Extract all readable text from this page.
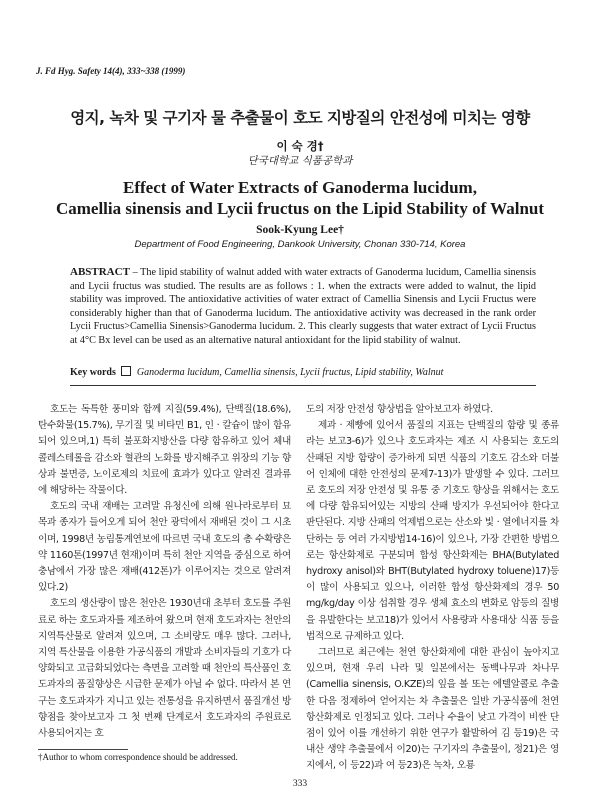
J. Fd Hyg. Safety 14(4), 333~338 (1999)
영지, 녹차 및 구기자 물 추출물이 호도 지방질의 안전성에 미치는 영향
이 숙 경†
단국대학교 식품공학과
Effect of Water Extracts of Ganoderma lucidum,
Camellia sinensis and Lycii fructus on the Lipid Stability of Walnut
Sook-Kyung Lee†
Department of Food Engineering, Dankook University, Chonan 330-714, Korea
ABSTRACT – The lipid stability of walnut added with water extracts of Ganoderma lucidum, Camellia sinensis and Lycii fructus was studied. The results are as follows : 1. when the extracts were added to walnut, the lipid stability was improved. The antioxidative activities of water extract of Camellia Sinensis and Lycii Fructus were considerably higher than that of Ganoderma lucidum. The antioxidative activity was decreased in the rank order Lycii Fructus>Camellia Sinensis>Ganoderma lucidum. 2. This clearly suggests that water extract of Lycii Fructus at 4°C Bx level can be used as an alternative natural antioxidant for the lipid stability of walnut.
Key words Ganoderma lucidum, Camellia sinensis, Lycii fructus, Lipid stability, Walnut

호도는 독특한 풍미와 함께 지질(59.4%), 단백질(18.6%), 탄수화물(15.7%), 무기질 및 비타민 B1, 인 · 칼슘이 많이 함유되어 있으며,1) 특히 불포화지방산을 다량 함유하고 있어 체내 콜레스테롤을 감소와 혈관의 노화를 방지해주고 위장의 기능 향상과 불면증, 노이로제의 치료에 효과가 있다고 알려진 결과류에 해당하는 작물이다.

호도의 국내 재배는 고려말 유청신에 의해 원나라로부터 묘목과 종자가 들어오게 되어 천안 광덕에서 재배된 것이 그 시초이며, 1998년 농림통계연보에 따르면 국내 호도의 총 수확량은 약 1160톤(1997년 현재)이며 특히 천안 지역을 중심으로 하여 충남에서 가장 많은 재배(412톤)가 이루어지는 것으로 알려져 있다.2)

호도의 생산량이 많은 천안은 1930년대 초부터 호도를 주원료로 하는 호도과자를 제조하여 왔으며 현재 호도과자는 천안의 지역특산물로 알려져 있으며, 그 소비량도 매우 많다. 그러나, 지역 특산물을 이용한 가공식품의 개발과 소비자들의 기호가 다양화되고 고급화되었다는 측면을 고려할 때 천안의 특산품인 호도과자의 품질향상은 시급한 문제가 아닐 수 없다. 따라서 본 연구는 호도과자가 지니고 있는 전통성을 유지하면서 품질개선 방향점을 찾아보고자 그 첫 번째 단계로서 호도과자의 주원료로 사용되어지는 호

도의 저장 안전성 향상법을 알아보고자 하였다.

제과 · 제빵에 있어서 품질의 지표는 단백질의 함량 및 종류라는 보고3-6)가 있으나 호도과자는 제조 시 사용되는 호도의 산패된 지방 함량이 증가하게 되면 식품의 기호도 감소와 더불어 인체에 대한 안전성의 문제7-13)가 발생할 수 있다. 그러므로 호도의 저장 안전성 및 유통 중 기호도 향상을 위해서는 호도에 다량 함유되어있는 지방의 산패 방지가 우선되어야 한다고 판단된다. 지방 산패의 억제법으로는 산소와 빛 · 열에너지를 차단하는 등 여러 가지방법14-16)이 있으나, 가장 간편한 방법으로는 항산화제로 구분되며 합성 항산화제는 BHA(Butylated hydroxy anisol)와 BHT(Butylated hydroxy toluene)17)등이 많이 사용되고 있으나, 이러한 합성 항산화제의 경우 50 mg/kg/day 이상 섭취할 경우 생체 효소의 변화로 암등의 질병을 유발한다는 보고18)가 있어서 사용량과 사용대상 식품 등을 법적으로 규제하고 있다.

그러므로 최근에는 천연 항산화제에 대한 관심이 높아지고 있으며, 현재 우리 나라 및 일본에서는 동백나무과 차나무(Camellia sinensis, O.KZE)의 잎을 볼 또는 에텔알콜로 추출한 다음 정제하여 얻어지는 차 추출물은 일반 가공식품에 천연 항산화제로 인정되고 있다. 그러나 수율이 낮고 가격이 비싼 단점이 있어 이를 개선하기 위한 연구가 활발하여 김 등19)은 국내산 생약 추출물에서 이20)는 구기자의 추출물이, 정21)은 영지에서, 이 등22)과 여 등23)은 녹차, 오룡

†Author to whom correspondence should be addressed.
333
